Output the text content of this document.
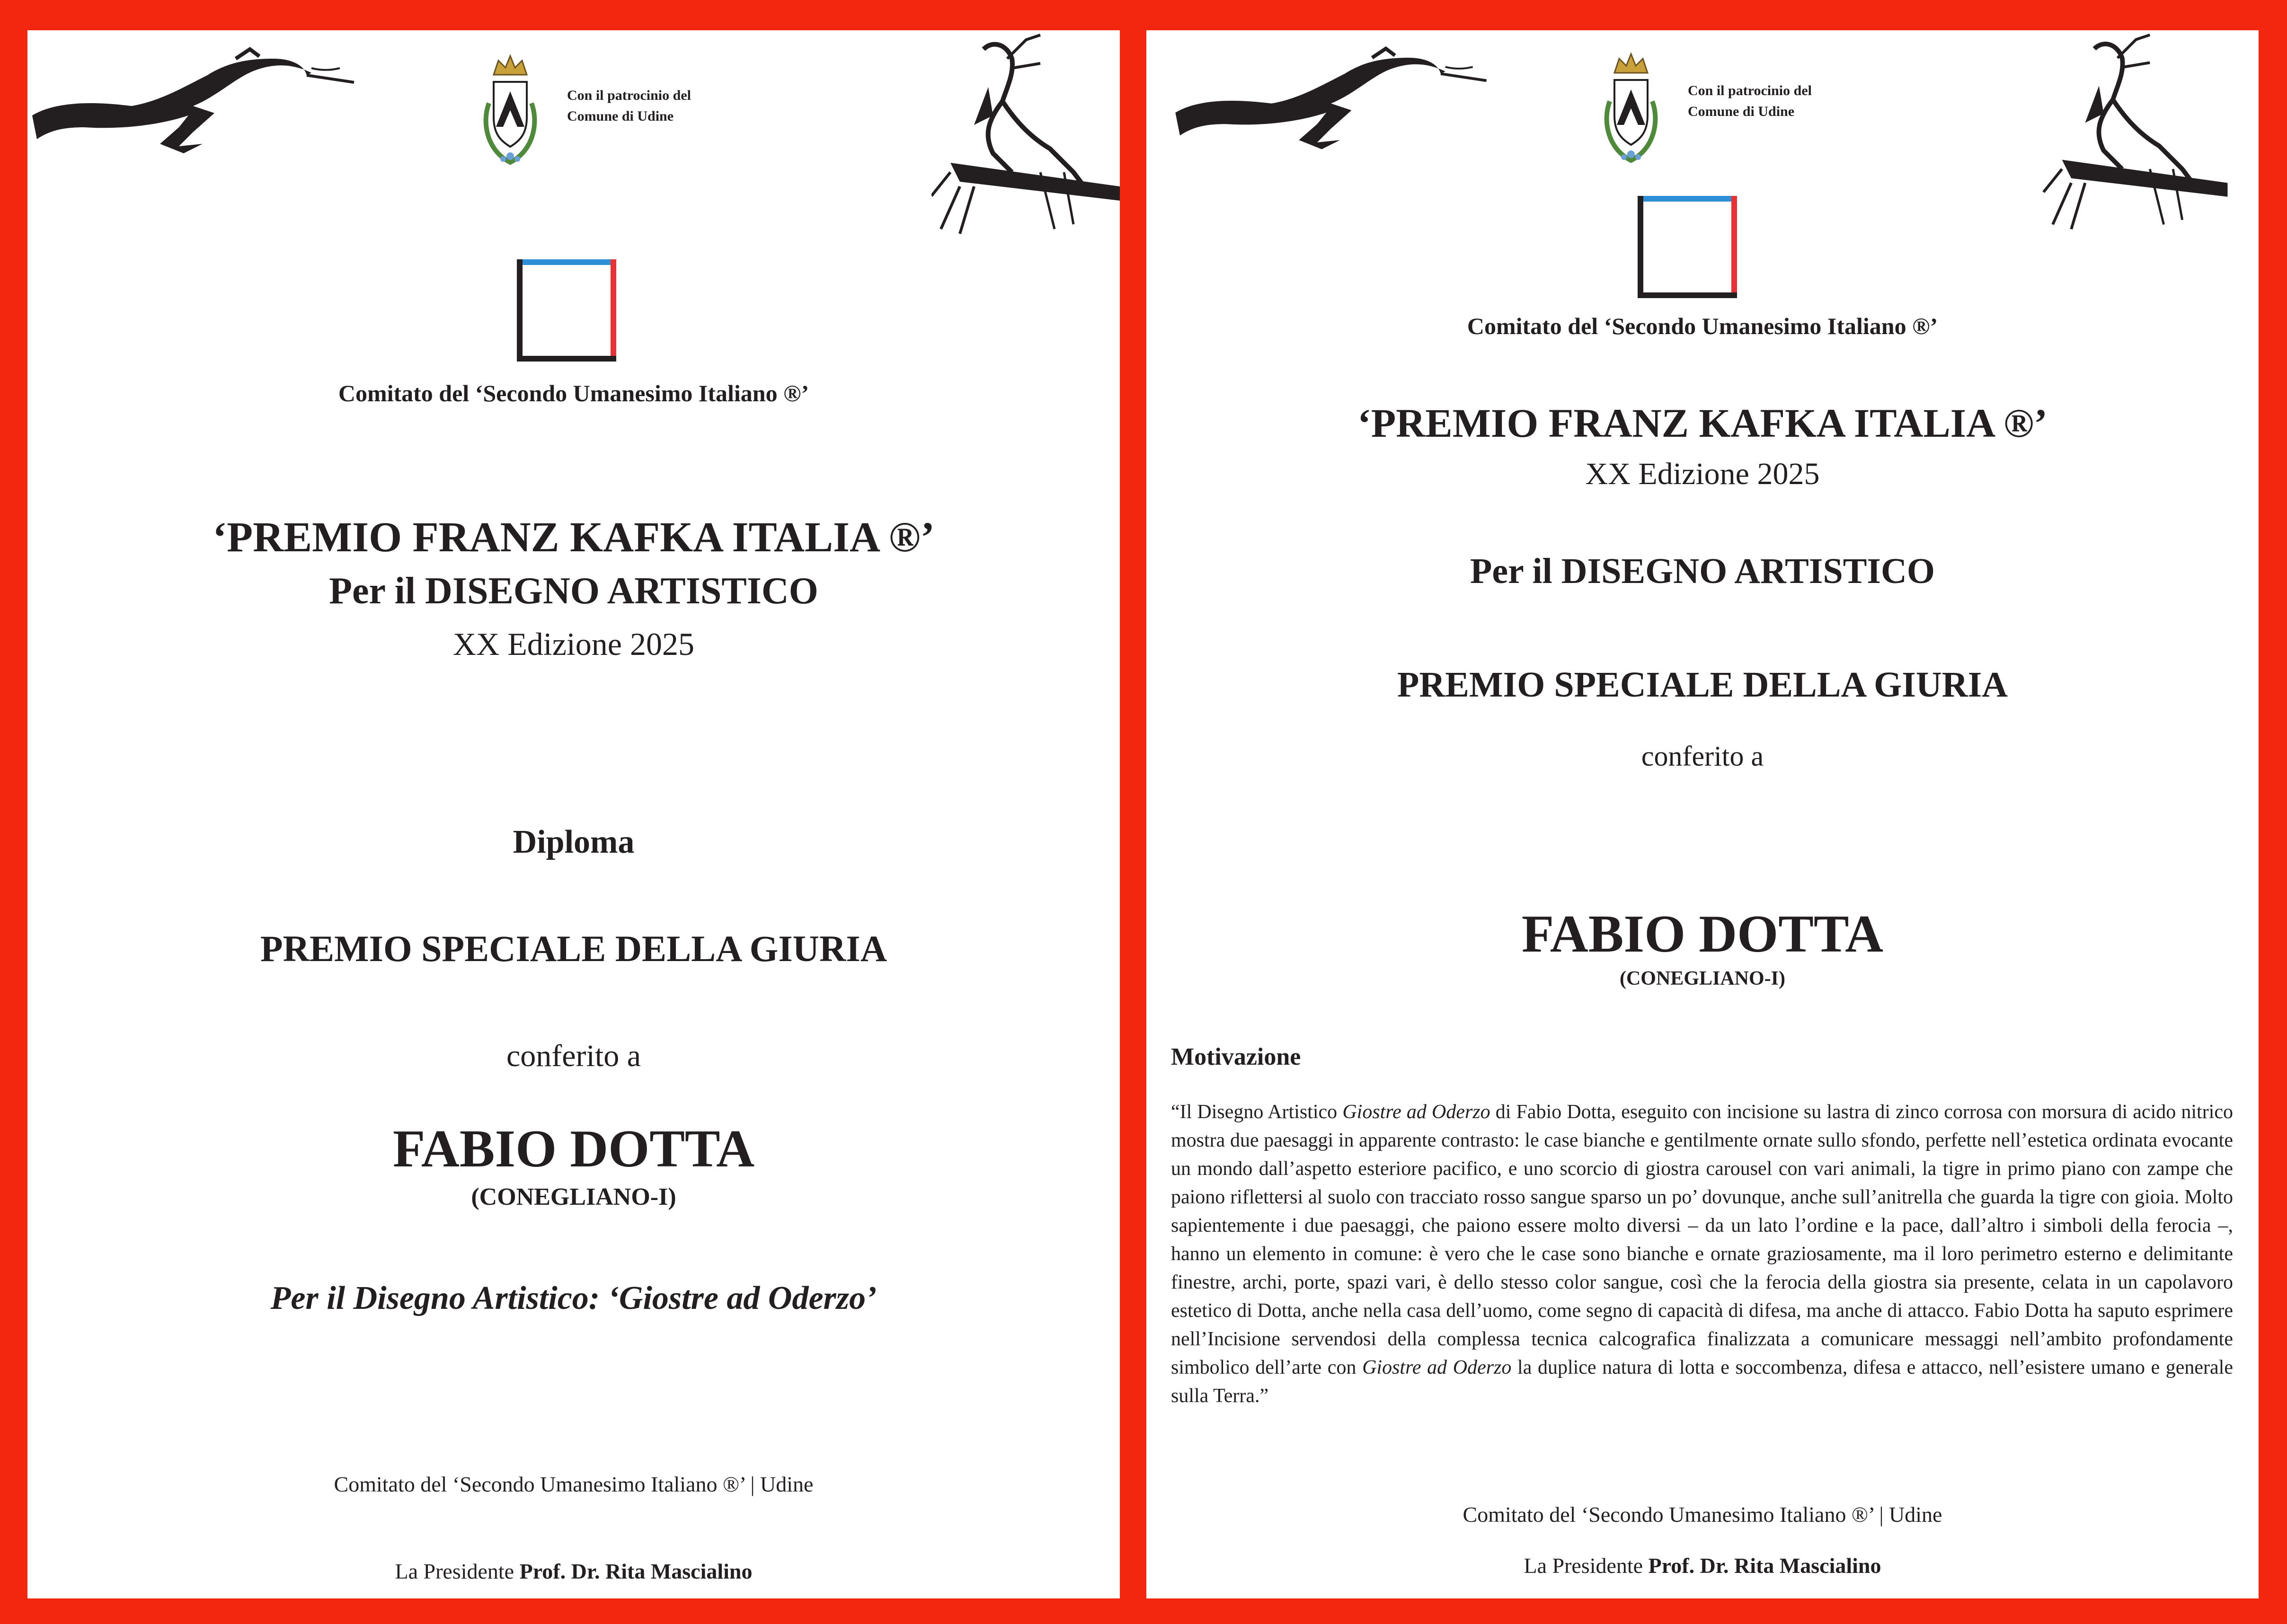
Con il patrocinio del
Comune di Udine
Comitato del ‘Secondo Umanesimo Italiano ®’
‘PREMIO FRANZ KAFKA ITALIA ®’
Per il DISEGNO ARTISTICO
XX Edizione 2025
Diploma
PREMIO SPECIALE DELLA GIURIA
conferito a
FABIO DOTTA
(CONEGLIANO-I)
Per il Disegno Artistico: ‘Giostre ad Oderzo’
Comitato del ‘Secondo Umanesimo Italiano ®’ | Udine
La Presidente Prof. Dr. Rita Mascialino
Con il patrocinio del
Comune di Udine
Comitato del ‘Secondo Umanesimo Italiano ®’
‘PREMIO FRANZ KAFKA ITALIA ®’
XX Edizione 2025
Per il DISEGNO ARTISTICO
PREMIO SPECIALE DELLA GIURIA
conferito a
FABIO DOTTA
(CONEGLIANO-I)
Motivazione
“Il Disegno Artistico Giostre ad Oderzo di Fabio Dotta, eseguito con incisione su lastra di zinco corrosa con morsura di acido nitrico mostra due paesaggi in apparente contrasto: le case bianche e gentilmente ornate sullo sfondo, perfette nell’estetica ordinata evocante un mondo dall’aspetto esteriore pacifico, e uno scorcio di giostra carousel con vari animali, la tigre in primo piano con zampe che paiono riflettersi al suolo con tracciato rosso sangue sparso un po’ dovunque, anche sull’anitrella che guarda la tigre con gioia. Molto sapientemente i due paesaggi, che paiono essere molto diversi – da un lato l’ordine e la pace, dall’altro i simboli della ferocia –, hanno un elemento in comune: è vero che le case sono bianche e ornate graziosamente, ma il loro perimetro esterno e delimitante finestre, archi, porte, spazi vari, è dello stesso color sangue, così che la ferocia della giostra sia presente, celata in un capolavoro estetico di Dotta, anche nella casa dell’uomo, come segno di capacità di difesa, ma anche di attacco. Fabio Dotta ha saputo esprimere nell’Incisione servendosi della complessa tecnica calcografica finalizzata a comunicare messaggi nell’ambito profondamente simbolico dell’arte con Giostre ad Oderzo la duplice natura di lotta e soccombenza, difesa e attacco, nell’esistere umano e generale sulla Terra.”
Comitato del ‘Secondo Umanesimo Italiano ®’ | Udine
La Presidente Prof. Dr. Rita Mascialino
